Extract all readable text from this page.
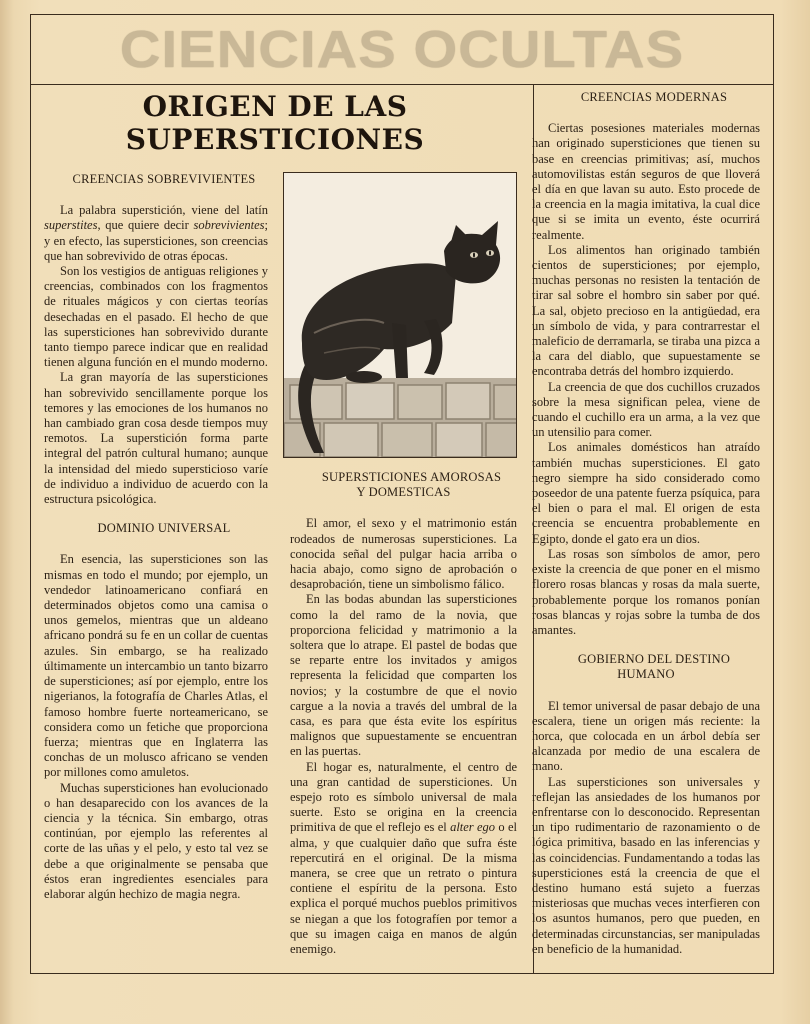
CIENCIAS OCULTAS
ORIGEN DE LAS
SUPERSTICIONES

CREENCIAS SOBREVIVIENTES

La palabra superstición, viene del latín superstites, que quiere decir sobrevivientes; y en efecto, las supersticiones, son creencias que han sobrevivido de otras épocas.

Son los vestigios de antiguas religiones y creencias, combinados con los fragmentos de rituales mágicos y con ciertas teorías desechadas en el pasado. El hecho de que las supersticiones han sobrevivido durante tanto tiempo parece indicar que en realidad tienen alguna función en el mundo moderno.

La gran mayoría de las supersticiones han sobrevivido sencillamente porque los temores y las emociones de los humanos no han cambiado gran cosa desde tiempos muy remotos. La superstición forma parte integral del patrón cultural humano; aunque la intensidad del miedo supersticioso varíe de individuo a individuo de acuerdo con la estructura psicológica.

DOMINIO UNIVERSAL

En esencia, las supersticiones son las mismas en todo el mundo; por ejemplo, un vendedor latinoamericano confiará en determinados objetos como una camisa o unos gemelos, mientras que un aldeano africano pondrá su fe en un collar de cuentas azules. Sin embargo, se ha realizado últimamente un intercambio un tanto bizarro de supersticiones; así por ejemplo, entre los nigerianos, la fotografía de Charles Atlas, el famoso hombre fuerte norteamericano, se considera como un fetiche que proporciona fuerza; mientras que en Inglaterra las conchas de un molusco africano se venden por millones como amuletos.

Muchas supersticiones han evolucionado o han desaparecido con los avances de la ciencia y la técnica. Sin embargo, otras continúan, por ejemplo las referentes al corte de las uñas y el pelo, y esto tal vez se debe a que originalmente se pensaba que éstos eran ingredientes esenciales para elaborar algún hechizo de magia negra.

SUPERSTICIONES AMOROSAS
Y DOMESTICAS

El amor, el sexo y el matrimonio están rodeados de numerosas supersticiones. La conocida señal del pulgar hacia arriba o hacia abajo, como signo de aprobación o desaprobación, tiene un simbolismo fálico.

En las bodas abundan las supersticiones como la del ramo de la novia, que proporciona felicidad y matrimonio a la soltera que lo atrape. El pastel de bodas que se reparte entre los invitados y amigos representa la felicidad que comparten los novios; y la costumbre de que el novio cargue a la novia a través del umbral de la casa, es para que ésta evite los espíritus malignos que supuestamente se encuentran en las puertas.

El hogar es, naturalmente, el centro de una gran cantidad de supersticiones. Un espejo roto es símbolo universal de mala suerte. Esto se origina en la creencia primitiva de que el reflejo es el alter ego o el alma, y que cualquier daño que sufra éste repercutirá en el original. De la misma manera, se cree que un retrato o pintura contiene el espíritu de la persona. Esto explica el porqué muchos pueblos primitivos se niegan a que los fotografíen por temor a que su imagen caiga en manos de algún enemigo.

CREENCIAS MODERNAS

Ciertas posesiones materiales modernas han originado supersticiones que tienen su base en creencias primitivas; así, muchos automovilistas están seguros de que lloverá el día en que lavan su auto. Esto procede de la creencia en la magia imitativa, la cual dice que si se imita un evento, éste ocurrirá realmente.

Los alimentos han originado también cientos de supersticiones; por ejemplo, muchas personas no resisten la tentación de tirar sal sobre el hombro sin saber por qué. La sal, objeto precioso en la antigüedad, era un símbolo de vida, y para contrarrestar el maleficio de derramarla, se tiraba una pizca a la cara del diablo, que supuestamente se encontraba detrás del hombro izquierdo.

La creencia de que dos cuchillos cruzados sobre la mesa significan pelea, viene de cuando el cuchillo era un arma, a la vez que un utensilio para comer.

Los animales domésticos han atraído también muchas supersticiones. El gato negro siempre ha sido considerado como poseedor de una patente fuerza psíquica, para el bien o para el mal. El origen de esta creencia se encuentra probablemente en Egipto, donde el gato era un dios.

Las rosas son símbolos de amor, pero existe la creencia de que poner en el mismo florero rosas blancas y rosas da mala suerte, probablemente porque los romanos ponían rosas blancas y rojas sobre la tumba de dos amantes.

GOBIERNO DEL DESTINO HUMANO

El temor universal de pasar debajo de una escalera, tiene un origen más reciente: la horca, que colocada en un árbol debía ser alcanzada por medio de una escalera de mano.

Las supersticiones son universales y reflejan las ansiedades de los humanos por enfrentarse con lo desconocido. Representan un tipo rudimentario de razonamiento o de lógica primitiva, basado en las inferencias y las coincidencias. Fundamentando a todas las supersticiones está la creencia de que el destino humano está sujeto a fuerzas misteriosas que muchas veces interfieren con los asuntos humanos, pero que pueden, en determinadas circunstancias, ser manipuladas en beneficio de la humanidad.
